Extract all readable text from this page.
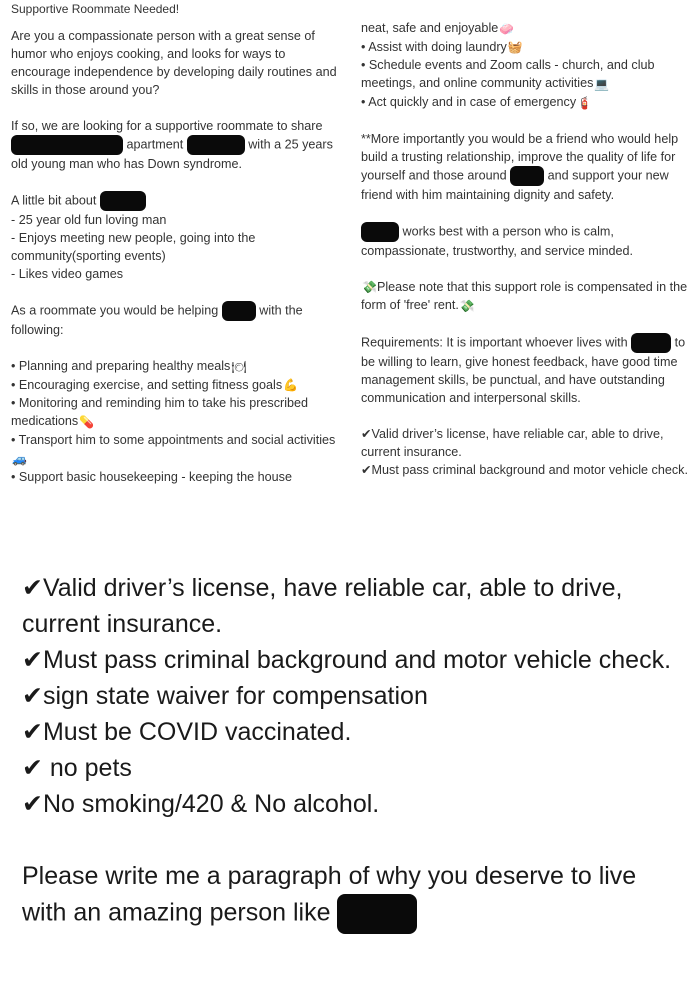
Supportive Roommate Needed!

Are you a compassionate person with a great sense of humor who enjoys cooking, and looks for ways to encourage independence by developing daily routines and skills in those around you?

If so, we are looking for a supportive roommate to share  apartment	with a 25 years old young man who has Down syndrome.

A little bit about

- 25 year old fun loving man

- Enjoys meeting new people, going into the community(sporting events)

- Likes video games

As a roommate you would be helping	with the following:

• Planning and preparing healthy meals🍽

• Encouraging exercise, and setting fitness goals💪

• Monitoring and reminding him to take his prescribed medications💊

• Transport him to some appointments and social activities🚙

• Support basic housekeeping - keeping the house

neat, safe and enjoyable🧼

• Assist with doing laundry🧺

• Schedule events and Zoom calls - church, and club meetings, and online community activities💻

• Act quickly and in case of emergency🧯

**More importantly you would be a friend who would help build a trusting relationship, improve the quality of life for yourself and those around	and support your new friend with him maintaining dignity and safety.

works best with a person who is calm, compassionate, trustworthy, and service minded.

💸Please note that this support role is compensated in the form of 'free' rent.💸

Requirements: It is important whoever lives with	to be willing to learn, give honest feedback, have good time management skills, be punctual, and have outstanding communication and interpersonal skills.

✔Valid driver’s license, have reliable car, able to drive, current insurance.

✔Must pass criminal background and motor vehicle check.

✔Valid driver’s license, have reliable car, able to drive, current insurance.

✔Must pass criminal background and motor vehicle check.

✔sign state waiver for compensation

✔Must be COVID vaccinated.

✔ no pets

✔No smoking/420 & No alcohol.

Please write me a paragraph of why you deserve to live with an amazing person like
